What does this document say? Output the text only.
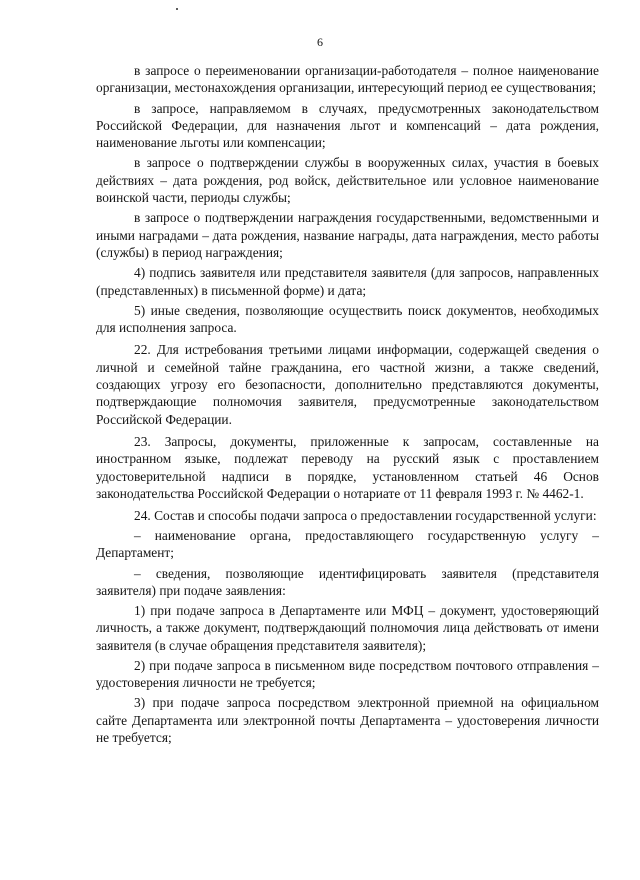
6

в запросе о переименовании организации-работодателя – полное наименование организации, местонахождения организации, интересующий период ее существования;

в запросе, направляемом в случаях, предусмотренных законодательством Российской Федерации, для назначения льгот и компенсаций – дата рождения, наименование льготы или компенсации;

в запросе о подтверждении службы в вооруженных силах, участия в боевых действиях – дата рождения, род войск, действительное или условное наименование воинской части, периоды службы;

в запросе о подтверждении награждения государственными, ведомственными и иными наградами – дата рождения, название награды, дата награждения, место работы (службы) в период награждения;

4) подпись заявителя или представителя заявителя (для запросов, направленных (представленных) в письменной форме) и дата;

5) иные сведения, позволяющие осуществить поиск документов, необходимых для исполнения запроса.

22. Для истребования третьими лицами информации, содержащей сведения о личной и семейной тайне гражданина, его частной жизни, а также сведений, создающих угрозу его безопасности, дополнительно представляются документы, подтверждающие полномочия заявителя, предусмотренные законодательством Российской Федерации.

23. Запросы, документы, приложенные к запросам, составленные на иностранном языке, подлежат переводу на русский язык с проставлением удостоверительной надписи в порядке, установленном статьей 46 Основ законодательства Российской Федерации о нотариате от 11 февраля 1993 г. № 4462-1.

24. Состав и способы подачи запроса о предоставлении государственной услуги:

– наименование органа, предоставляющего государственную услугу – Департамент;

– сведения, позволяющие идентифицировать заявителя (представителя заявителя) при подаче заявления:

1) при подаче запроса в Департаменте или МФЦ – документ, удостоверяющий личность, а также документ, подтверждающий полномочия лица действовать от имени заявителя (в случае обращения представителя заявителя);

2) при подаче запроса в письменном виде посредством почтового отправления – удостоверения личности не требуется;

3) при подаче запроса посредством электронной приемной на официальном сайте Департамента или электронной почты Департамента – удостоверения личности не требуется;
